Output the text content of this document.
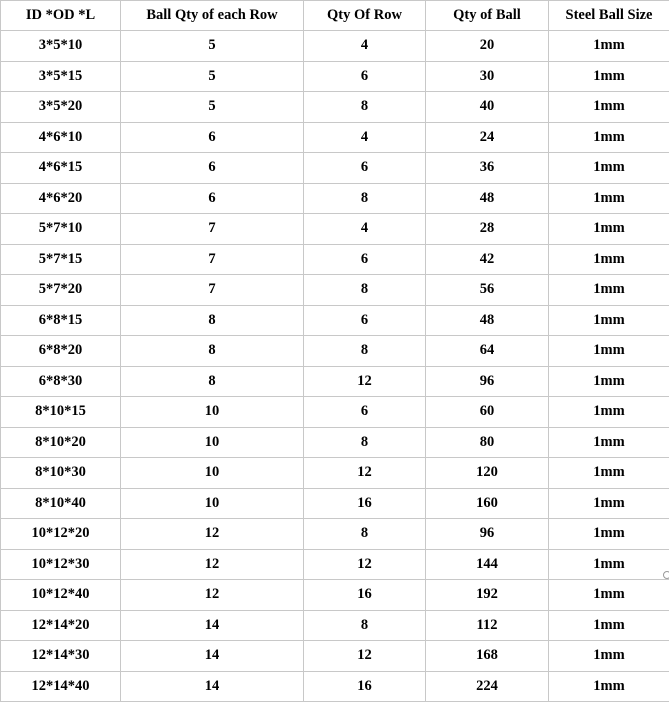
ID *OD *L	Ball Qty of each Row	Qty Of Row	Qty of Ball	Steel Ball Size
3*5*10	5	4	20	1mm
3*5*15	5	6	30	1mm
3*5*20	5	8	40	1mm
4*6*10	6	4	24	1mm
4*6*15	6	6	36	1mm
4*6*20	6	8	48	1mm
5*7*10	7	4	28	1mm
5*7*15	7	6	42	1mm
5*7*20	7	8	56	1mm
6*8*15	8	6	48	1mm
6*8*20	8	8	64	1mm
6*8*30	8	12	96	1mm
8*10*15	10	6	60	1mm
8*10*20	10	8	80	1mm
8*10*30	10	12	120	1mm
8*10*40	10	16	160	1mm
10*12*20	12	8	96	1mm
10*12*30	12	12	144	1mm
10*12*40	12	16	192	1mm
12*14*20	14	8	112	1mm
12*14*30	14	12	168	1mm
12*14*40	14	16	224	1mm
